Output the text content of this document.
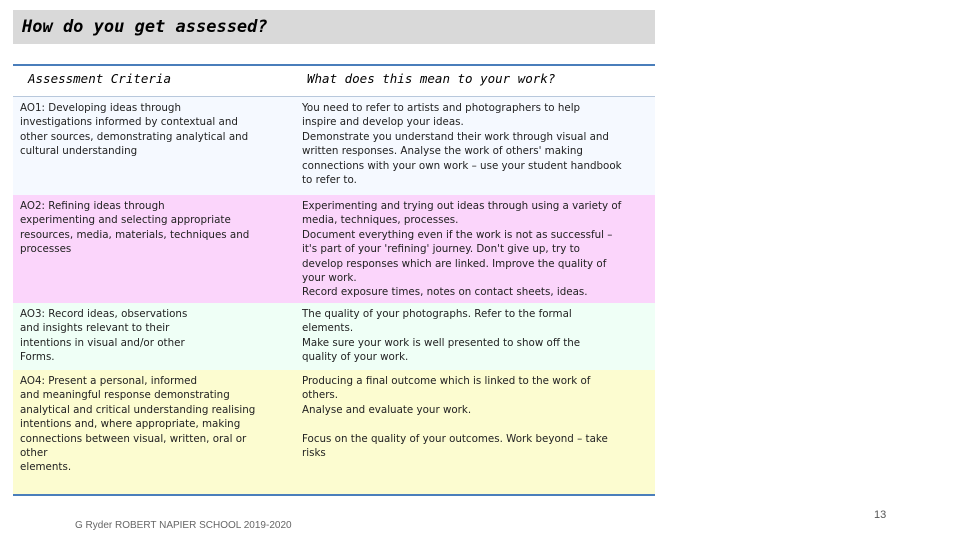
How do you get assessed?
Assessment Criteria	What does this mean to your work?
AO1: Developing ideas through
investigations informed by contextual and
other sources, demonstrating analytical and
cultural understanding
You need to refer to artists and photographers to help
inspire and develop your ideas.
Demonstrate you understand their work through visual and
written responses. Analyse the work of others' making
connections with your own work – use your student handbook
to refer to.
AO2: Refining ideas through
experimenting and selecting appropriate
resources, media, materials, techniques and
processes
Experimenting and trying out ideas through using a variety of
media, techniques, processes.
Document everything even if the work is not as successful –
it's part of your 'refining' journey. Don't give up, try to
develop responses which are linked. Improve the quality of
your work.
Record exposure times, notes on contact sheets, ideas.
AO3: Record ideas, observations
and insights relevant to their
intentions in visual and/or other
Forms.
The quality of your photographs. Refer to the formal
elements.
Make sure your work is well presented to show off the
quality of your work.
AO4: Present a personal, informed
and meaningful response demonstrating
analytical and critical understanding realising
intentions and, where appropriate, making
connections between visual, written, oral or
other
elements.
Producing a final outcome which is linked to the work of
others.
Analyse and evaluate your work.
Focus on the quality of your outcomes. Work beyond – take
risks
G Ryder ROBERT NAPIER SCHOOL 2019-2020
13
